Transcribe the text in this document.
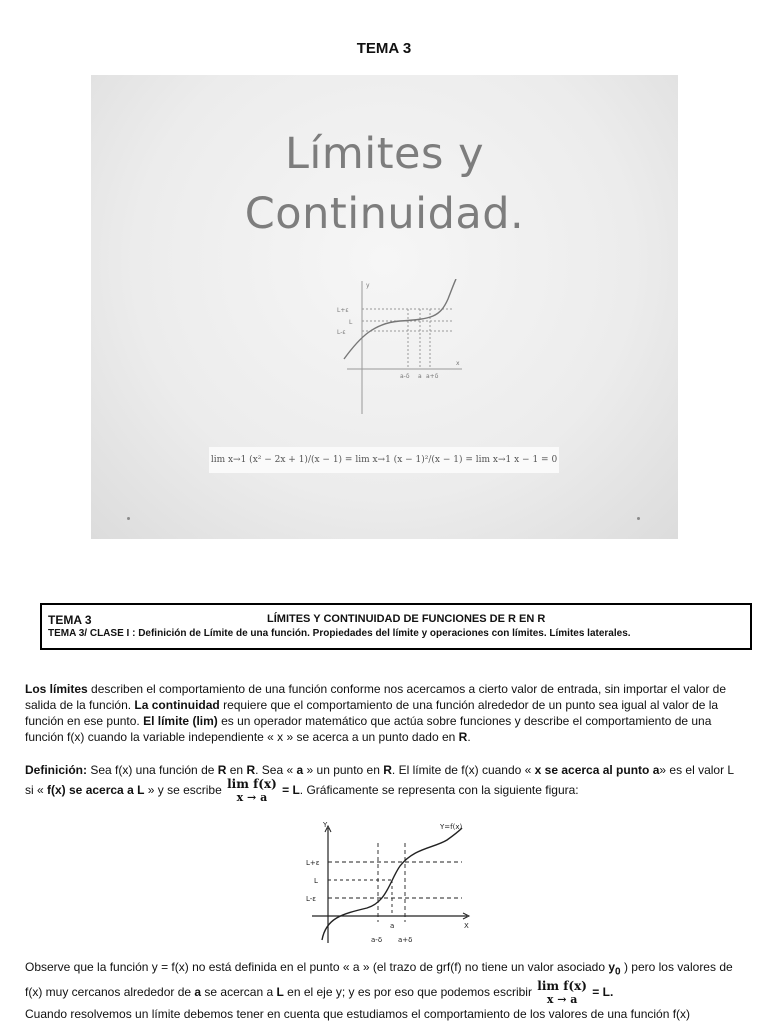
TEMA 3
Límites y
Continuidad.
y
L+ε
L
L-ε
a-δ a a+δ
x
lim x→1 (x² − 2x + 1)/(x − 1) = lim x→1 (x − 1)²/(x − 1) = lim x→1 x − 1 = 0
TEMA 3	LÍMITES Y CONTINUIDAD DE FUNCIONES DE R EN R
TEMA 3/ CLASE I : Definición de Límite de una función. Propiedades del límite y operaciones con límites. Límites laterales.
Los límites describen el comportamiento de una función conforme nos acercamos a cierto valor de entrada, sin importar el valor de salida de la función. La continuidad requiere que el comportamiento de una función alrededor de un punto sea igual al valor de la función en ese punto. El límite (lim) es un operador matemático que actúa sobre funciones y describe el comportamiento de una función f(x) cuando la variable independiente « x » se acerca a un punto dado en R.
Definición: Sea f(x) una función de R en R. Sea « a » un punto en R. El límite de f(x) cuando « x se acerca al punto a» es el valor L si « f(x) se acerca a L » y se escribe lim f(x)
x → a
= L. Gráficamente se representa con la siguiente figura:
Y	Y=f(x)
L+ε
L
L-ε
a-δ
a
a+δ
X
Observe que la función y = f(x) no está definida en el punto « a » (el trazo de grf(f) no tiene un valor asociado $y_0$ ) pero los valores de f(x) muy cercanos alrededor de a se acercan a L en el eje y; y es por eso que podemos escribir lim f(x)
x → a
= L.
Cuando resolvemos un límite debemos tener en cuenta que estudiamos el comportamiento de los valores de una función f(x)
